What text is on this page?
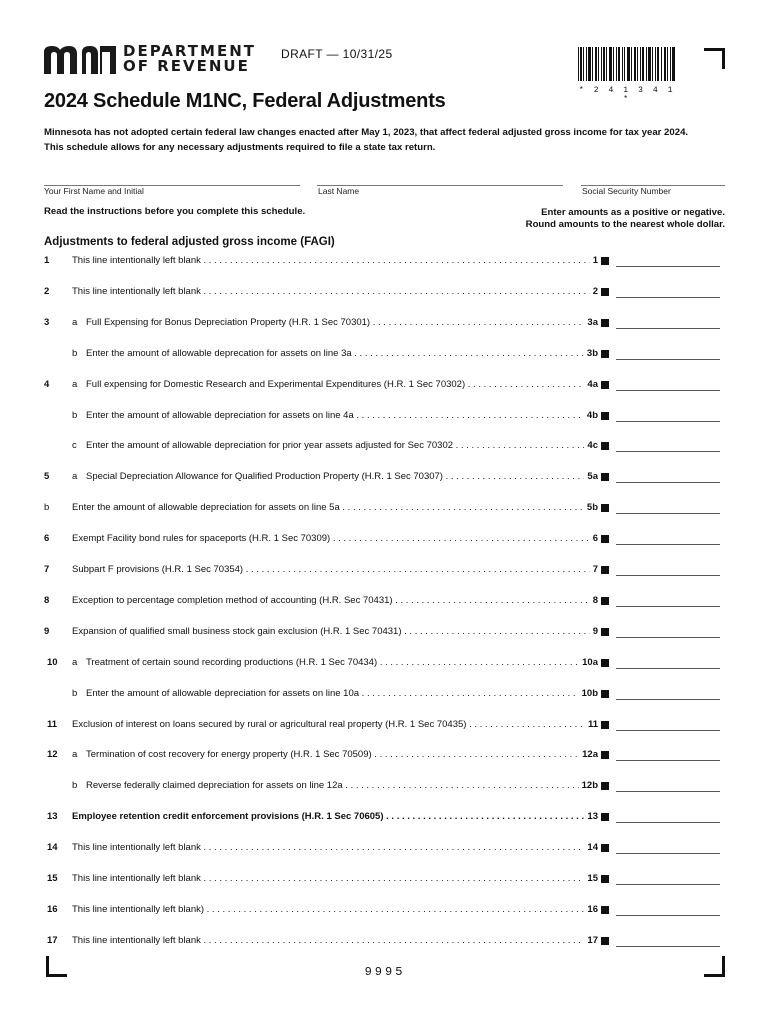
DEPARTMENT
OF REVENUE
DRAFT — 10/31/25
* 2 4 1 3 4 1 *
2024 Schedule M1NC, Federal Adjustments
Minnesota has not adopted certain federal law changes enacted after May 1, 2023, that affect federal adjusted gross income for tax year 2024.
This schedule allows for any necessary adjustments required to file a state tax return.
Your First Name and Initial	Last Name	Social Security Number
Read the instructions before you complete this schedule.	Enter amounts as a positive or negative.
Round amounts to the nearest whole dollar.
Adjustments to federal adjusted gross income (FAGI)
1	This line intentionally left blank . . .	1
2	This line intentionally left blank . . .	2
3	a Full Expensing for Bonus Depreciation Property (H.R. 1 Sec 70301) . . .	3a
b Enter the amount of allowable deprecation for assets on line 3a . . .	3b
4	a Full expensing for Domestic Research and Experimental Expenditures (H.R. 1 Sec 70302) . . .	4a
b Enter the amount of allowable depreciation for assets on line 4a . . .	4b
c Enter the amount of allowable depreciation for prior year assets adjusted for Sec 70302 . . .	4c
5	a Special Depreciation Allowance for Qualified Production Property (H.R. 1 Sec 70307) . . .	5a
b	Enter the amount of allowable depreciation for assets on line 5a . . .	5b
6	Exempt Facility bond rules for spaceports (H.R. 1 Sec 70309) . . .	6
7	Subpart F provisions (H.R. 1 Sec 70354) . . .	7
8	Exception to percentage completion method of accounting (H.R. Sec 70431) . . .	8
9	Expansion of qualified small business stock gain exclusion (H.R. 1 Sec 70431) . . .	9
10	a Treatment of certain sound recording productions (H.R. 1 Sec 70434) . . .	10a
b Enter the amount of allowable depreciation for assets on line 10a . . .	10b
11	Exclusion of interest on loans secured by rural or agricultural real property (H.R. 1 Sec 70435) . . .	11
12	a Termination of cost recovery for energy property (H.R. 1 Sec 70509) . . .	12a
b Reverse federally claimed depreciation for assets on line 12a . . .	12b
13	Employee retention credit enforcement provisions (H.R. 1 Sec 70605) . . .	13
14	This line intentionally left blank . . .	14
15	This line intentionally left blank . . .	15
16	This line intentionally left blank) . . .	16
17	This line intentionally left blank . . .	17
9995
